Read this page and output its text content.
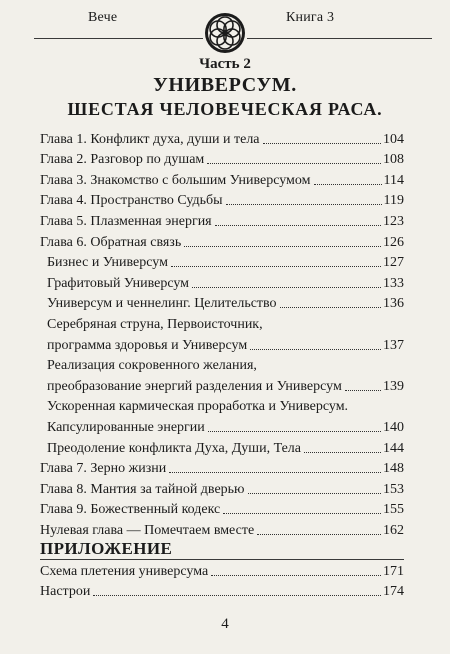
Вече	Книга 3
Часть 2
УНИВЕРСУМ.
ШЕСТАЯ ЧЕЛОВЕЧЕСКАЯ РАСА.
Глава 1. Конфликт духа, души и тела	104
Глава 2. Разговор по душам	108
Глава 3. Знакомство с большим Универсумом	114
Глава 4. Пространство Судьбы	119
Глава 5. Плазменная энергия	123
Глава 6. Обратная связь	126
Бизнес и Универсум	127
Графитовый Универсум	133
Универсум и ченнелинг. Целительство	136
Серебряная струна, Первоисточник,
программа здоровья и Универсум	137
Реализация сокровенного желания,
преобразование энергий разделения и Универсум	139
Ускоренная кармическая проработка и Универсум.
Капсулированные энергии	140
Преодоление конфликта Духа, Души, Тела	144
Глава 7. Зерно жизни	148
Глава 8. Мантия за тайной дверью	153
Глава 9. Божественный кодекс	155
Нулевая глава — Помечтаем вместе	162
ПРИЛОЖЕНИЕ
Схема плетения универсума	171
Настрои	174
4
